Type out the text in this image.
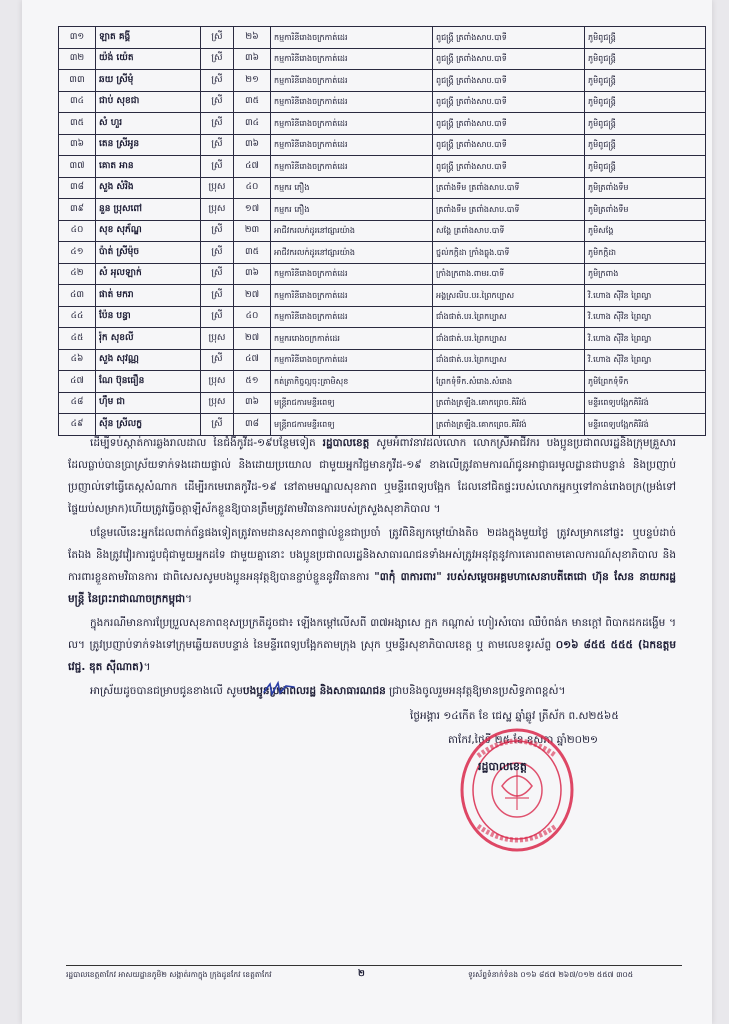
៣១	ឡាត គង្គី	ស្រី	២៦	កម្មការិនីរោងចក្រកាត់ដេរ	ពូជង្គ្រី ត្រពាំងសាប.បាទី	ភូមិពូជង្គ្រី
៣២	យ៉ង់ យ៉េត	ស្រី	៣៦	កម្មការិនីរោងចក្រកាត់ដេរ	ពូជង្គ្រី ត្រពាំងសាប.បាទី	ភូមិពូជង្គ្រី
៣៣	ឆយ ស្រីមុំ	ស្រី	២១	កម្មការិនីរោងចក្រកាត់ដេរ	ពូជង្គ្រី ត្រពាំងសាប.បាទី	ភូមិពូជង្គ្រី
៣៤	ជាប់ សុខជា	ស្រី	៣៥	កម្មការិនីរោងចក្រកាត់ដេរ	ពូជង្គ្រី ត្រពាំងសាប.បាទី	ភូមិពូជង្គ្រី
៣៥	សំ ហួរ	ស្រី	៣៤	កម្មការិនីរោងចក្រកាត់ដេរ	ពូជង្គ្រី ត្រពាំងសាប.បាទី	ភូមិពូជង្គ្រី
៣៦	តេន ស្រីអូន	ស្រី	៣៦	កម្មការិនីរោងចក្រកាត់ដេរ	ពូជង្គ្រី ត្រពាំងសាប.បាទី	ភូមិពូជង្គ្រី
៣៧	គោត អាន	ស្រី	៤៧	កម្មការិនីរោងចក្រកាត់ដេរ	ពូជង្គ្រី ត្រពាំងសាប.បាទី	ភូមិពូជង្គ្រី
៣៨	សួង សំរិង	ប្រុស	៤០	កម្មករ ភឿង	ត្រពាំងទឹម ត្រពាំងសាប.បាទី	ភូមិត្រពាំងទឹម
៣៩	នួន ប្រុសពៅ	ប្រុស	១៧	កម្មករ ភឿង	ត្រពាំងទឹម ត្រពាំងសាប.បាទី	ភូមិត្រពាំងទឹម
៤០	សុខ សុភ័ណ្ឌ	ស្រី	២៣	អាជីវករលក់ដូរនៅផ្សារយ៉ាង	សង្គែ ត្រពាំងសាប.បាទី	ភូមិសង្គែ
៤១	ប៉ាត់ ស្រីម៉ុច	ស្រី	៣៥	អាជីវករលក់ដូរនៅផ្សារយ៉ាង	ថ្នល់កក្កិដា ក្រាំងធ្លុង.បាទី	ភូមិកក្កិដា
៤២	សំ អុលឡាក់	ស្រី	៣៦	កម្មការិនីរោងចក្រកាត់ដេរ	ក្រាំងក្រពាង.ពាមរ.បាទី	ភូមិក្រពាង
៤៣	ផាត់ មករា	ស្រី	២៧	កម្មការិនីរោងចក្រកាត់ដេរ	អង្គស្រលិប.បរ.ព្រៃកប្បាស	វិ.ហោង ស៊ីវិន ព្រៃល្វា
៤៤	ប៉ែន បន្ធា	ស្រី	៤០	កម្មការិនីរោងចក្រកាត់ដេរ	ជាំងផាត់.បរ.ព្រៃកប្បាស	វិ.ហោង ស៊ីវិន ព្រៃល្វា
៤៥	រ៉ុក សុខលី	ប្រុស	២៧	កម្មកររោងចក្រកាត់ដេរ	ជាំងផាត់.បរ.ព្រៃកប្បាស	វិ.ហោង ស៊ីវិន ព្រៃល្វា
៤៦	សួង សុវណ្ណ	ស្រី	៤៧	កម្មការិនីរោងចក្រកាត់ដេរ	ជាំងផាត់.បរ.ព្រៃកប្បាស	វិ.ហោង ស៊ីវិន ព្រៃល្វា
៤៧	ណែ ប៊ុនធឿន	ប្រុស	៥១	កត់ត្រាកិច្ចល្អចុះត្រាមិសុខ	ព្រែកទុំទឹក.សំរោង.សំរោង	ភូមិព្រែកទុំទឹក
៤៨	ហ៊ឹម ជា	ប្រុស	៣៦	មន្ត្រីរាជការមន្ទីរពេទ្យ	ត្រពាំងត្រឡឹង.គោកព្រេច.គិរីវង់	មន្ទីរពេទ្យបង្អែកគិរីវង់
៤៩	សុីន ស្រីលក្ខ	ស្រី	៣៨	មន្ត្រីរាជការមន្ទីរពេទ្យ	ត្រពាំងត្រឡឹង.គោកព្រេច.គិរីវង់	មន្ទីរពេទ្យបង្អែកគិរីវង់

ដើម្បីទប់ស្កាត់ការឆ្លងរាលដាល នៃជំងឺកូវីដ-១៩បន្ថែមទៀត រដ្ឋបាលខេត្ត សូមអំពាវនាវដល់លោក លោកស្រីអាជីវករ បងប្អូនប្រជាពលរដ្ឋនិងក្រុមគ្រួសារដែលធ្លាប់បានប្រាស្រ័យទាក់ទងដោយផ្ទាល់ និងដោយប្រយោល ជាមួយអ្នកវិជ្ជមានកូវីដ-១៩ ខាងលើត្រូវតាមការណ៍ជូនអាជ្ញាធរមូលដ្ឋានជាបន្ទាន់ និងប្រញាប់ប្រញាល់ទៅធ្វើតេស្តសំណាក ដើម្បីរកមេរោគកូវីដ-១៩ នៅតាមមណ្ឌលសុខភាព ឬមន្ទីរពេទ្យបង្អែក ដែលនៅជិតផ្ទះរបស់លោកអ្នកឬទៅកាន់រោងចក្រ(ម្រង់ទៅផ្ទៃយប់សម្រាក)ហើយត្រូវធ្វើចត្តាឡីស័កខ្លួនឱ្យបានត្រឹមត្រូវតាមវិធានការរបស់ក្រសួងសុខាភិបាល ។

បន្ថែមលើនេះអ្នកដែលពាក់ព័ន្ធផងទៀតត្រូវតាមដានសុខភាពផ្ទាល់ខ្លួនជាប្រចាំ ត្រូវពិនិត្យកម្ដៅយ៉ាងតិច ២ដងក្នុងមួយថ្ងៃ ត្រូវសម្រាកនៅផ្ទះ ឬបន្ទប់ដាច់តែឯង និងត្រូវវៀរការជួបជុំជាមួយអ្នកដទៃ ជាមួយគ្នានោះ បងប្អូនប្រជាពលរដ្ឋនិងសាធារណជនទាំងអស់ត្រូវអនុវត្តនូវការគោរពតាមគោលការណ៍សុខាភិបាល និងការពារខ្លួនតាមវិធានការ ជាពិសេសសូមបងប្អូនអនុវត្តឱ្យបានខ្ជាប់ខ្ជួននូវវិធានការ "៣កុំ ៣ការពារ" របស់សម្ដេចអគ្គមហាសេនាបតីតេជោ ហ៊ុន សែន នាយករដ្ឋមន្ត្រី នៃព្រះរាជាណាចក្រកម្ពុជា។

ក្នុងករណីមានការប្រែប្រួលសុខភាពខុសប្រក្រតីដូចជា៖ ឡើងកម្ដៅលើសពី ៣៧អង្សាសេ ក្អក កណ្ដាស់ ហៀរសំបោរ ឈឺបំពង់ក មានក្ដៅ ពិបាកដកដង្ហើម ។ល។ ត្រូវប្រញាប់ទាក់ទងទៅក្រុមឆ្លើយតបបន្ទាន់ នៃមន្ទីរពេទ្យបង្អែកតាមក្រុង ស្រុក ឬមន្ទីរសុខាភិបាលខេត្ត ឬ តាមលេខទូរស័ព្ទ ០១៦ ៨៥៥ ៥៥៥ (ឯកឧត្ដម វេជ្ជ. ឌុត ស៊ីណាត)។

អាស្រ័យដូចបានជម្រាបជូនខាងលើ សូមបងប្អូនប្រជាពលរដ្ឋ និងសាធារណជន ជ្រាបនិងចូលរួមអនុវត្តឱ្យមានប្រសិទ្ធភាពខ្ពស់។

ថ្ងៃអង្គារ ១៤កើត ខែ ជេស្ឋ ឆ្នាំឆ្លូវ ត្រីស័ក ព.ស២៥៦៥
តាកែវ,ថ្ងៃទី ២៥ ខែ ឧសភា ឆ្នាំ២០២១
រដ្ឋបាលខេត្ត
រដ្ឋបាលខេត្តតាកែវ អាសយដ្ឋានភូមិ២ សង្កាត់រកាក្នុង ក្រុងដូនកែវ ខេត្តតាកែវ	២	ទូរស័ព្ទទំនាក់ទំនង ០១៦ ៨៥៧ ២៦៧/០១២ ៥៥៧ ៣០៥
